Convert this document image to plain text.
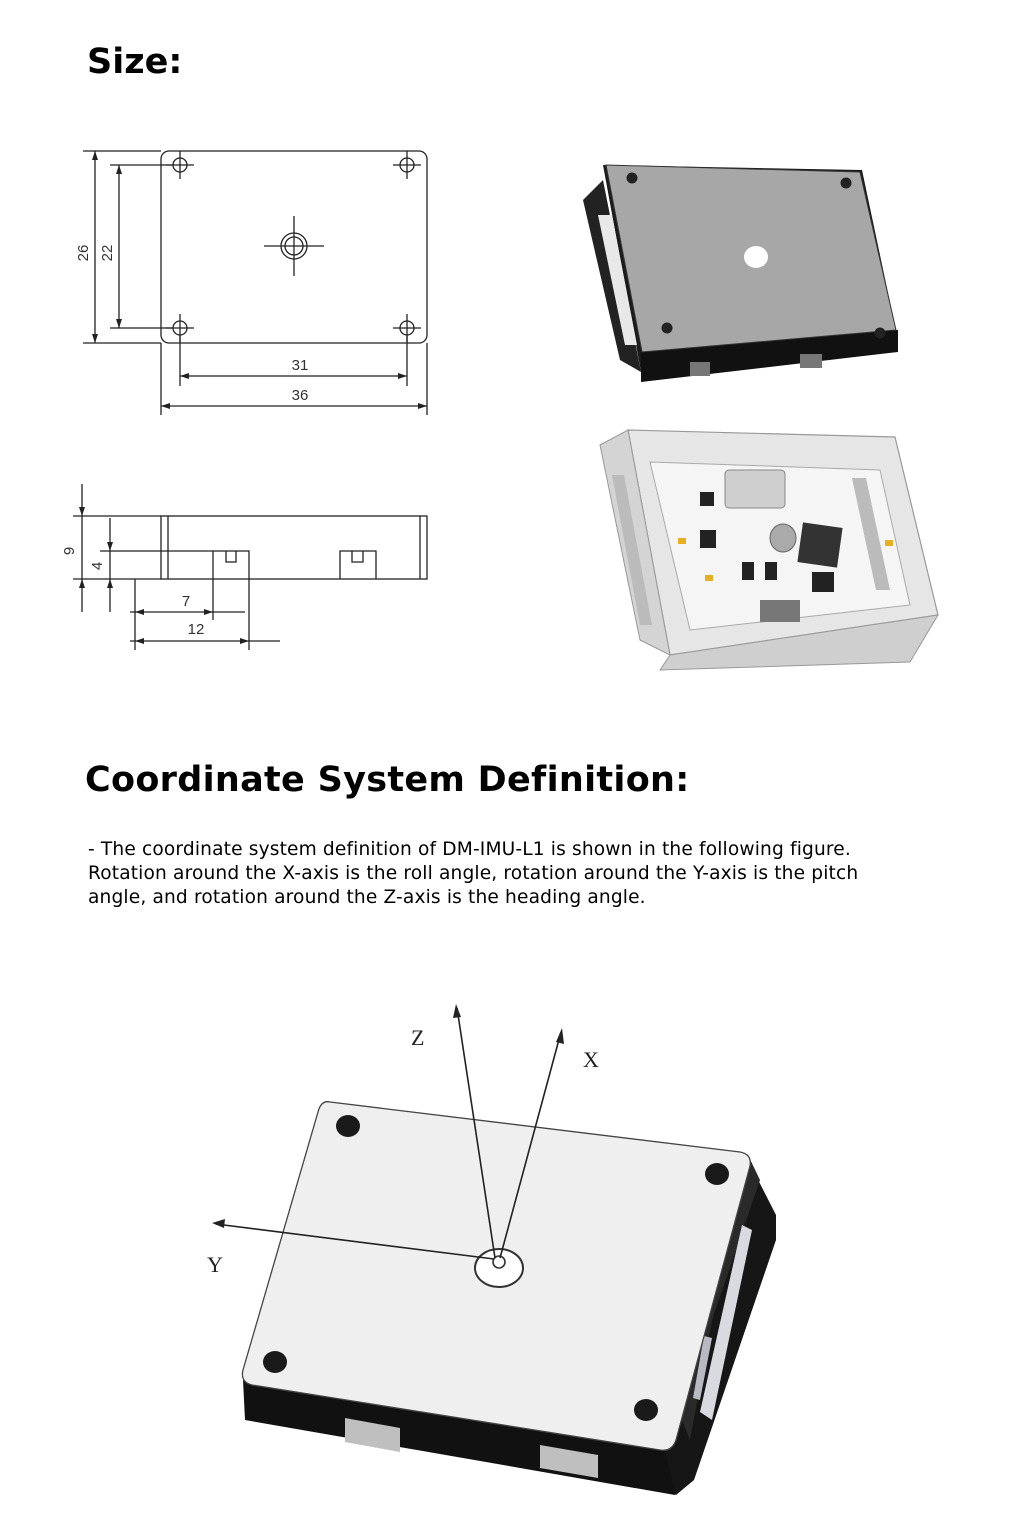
Size:
26 22
31
36
9
4
7
12
Coordinate System Definition:
- The coordinate system definition of DM-IMU-L1 is shown in the following figure.
Rotation around the X-axis is the roll angle, rotation around the Y-axis is the pitch
angle, and rotation around the Z-axis is the heading angle.
Z
X
Y
